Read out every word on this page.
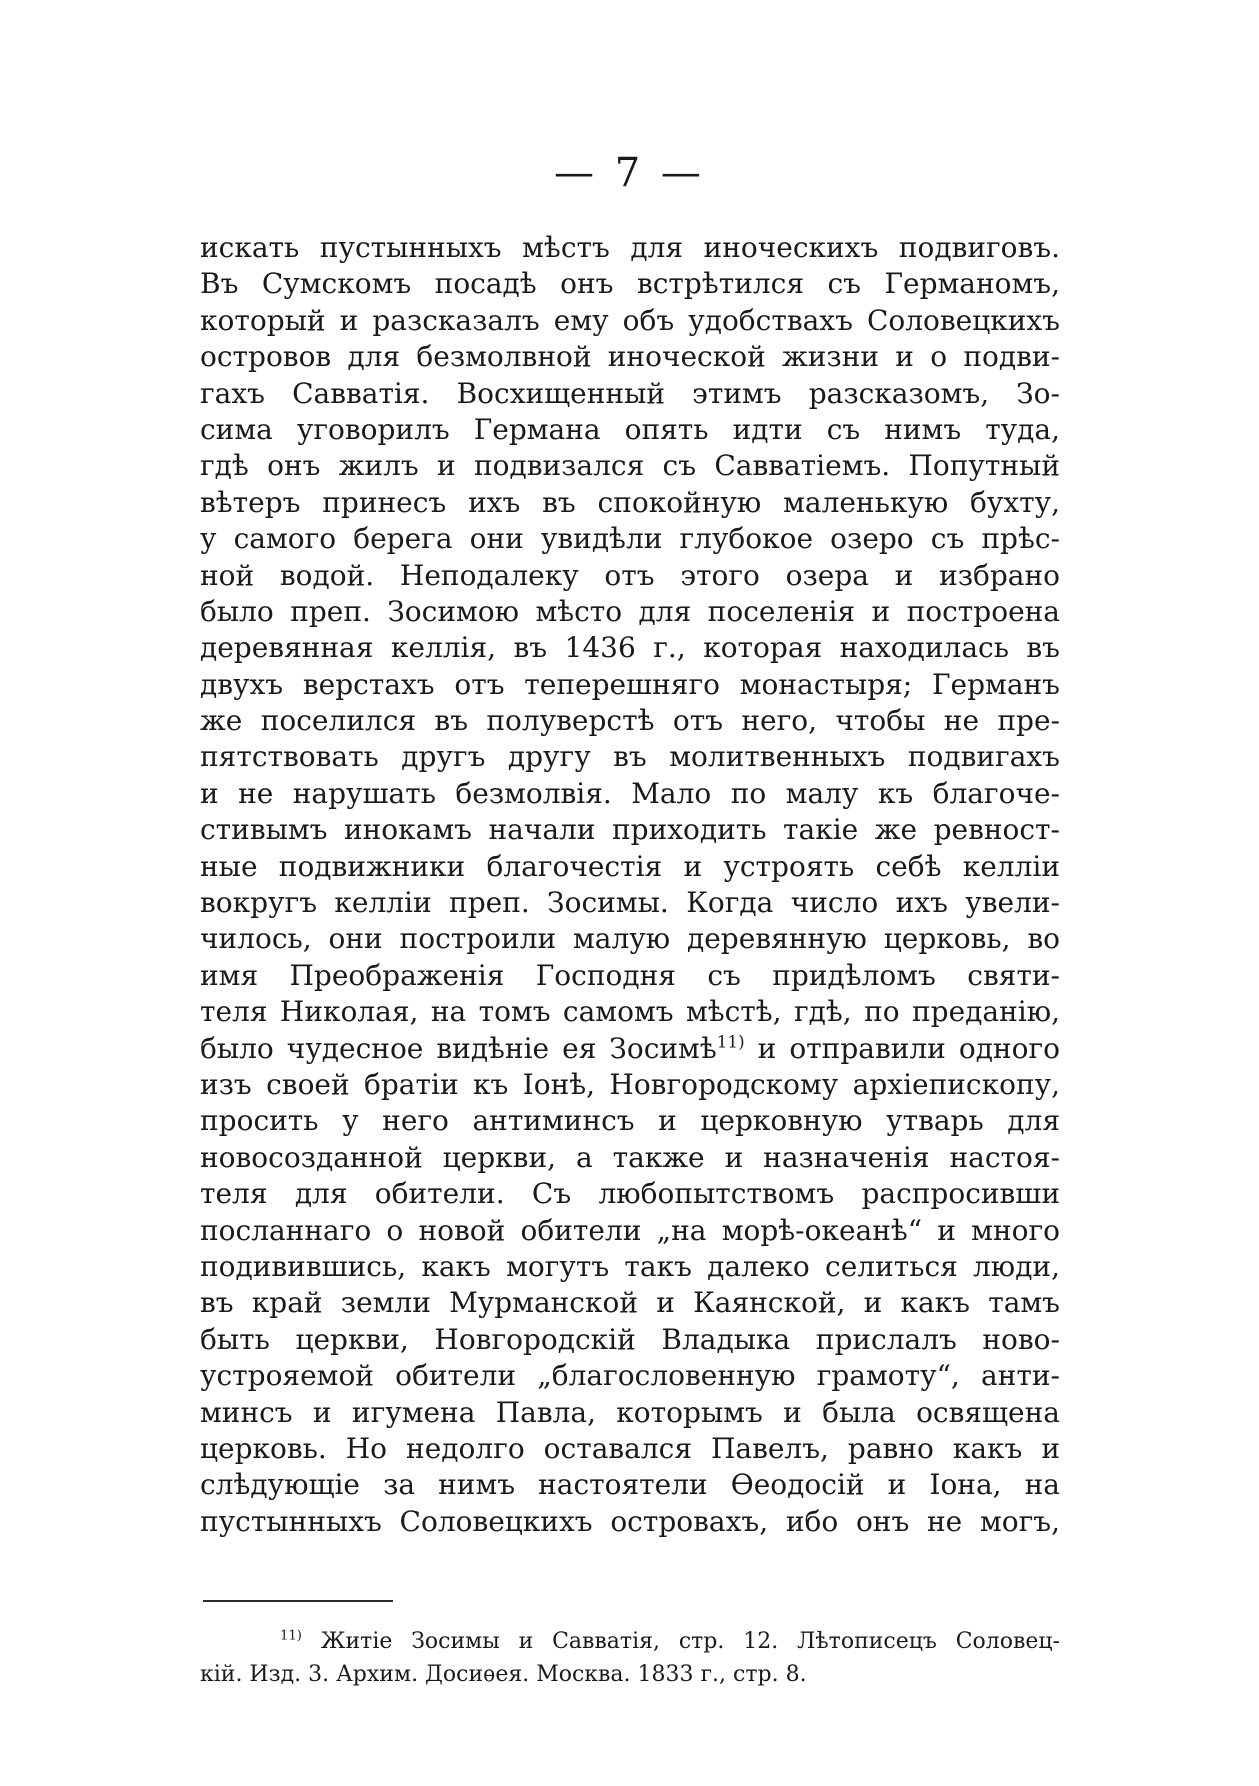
— 7 —
искать пустынныхъ мѣстъ для иноческихъ подвиговъ.
Въ Сумскомъ посадѣ онъ встрѣтился съ Германомъ,
который и разсказалъ ему объ удобствахъ Соловецкихъ
островов для безмолвной иноческой жизни и о подви-
гахъ Савватія. Восхищенный этимъ разсказомъ, Зо-
сима уговорилъ Германа опять идти съ нимъ туда,
гдѣ онъ жилъ и подвизался съ Савватіемъ. Попутный
вѣтеръ принесъ ихъ въ спокойную маленькую бухту,
у самого берега они увидѣли глубокое озеро съ прѣс-
ной водой. Неподалеку отъ этого озера и избрано
было преп. Зосимою мѣсто для поселенія и построена
деревянная келлія, въ 1436 г., которая находилась въ
двухъ верстахъ отъ теперешняго монастыря; Германъ
же поселился въ полуверстѣ отъ него, чтобы не пре-
пятствовать другъ другу въ молитвенныхъ подвигахъ
и не нарушать безмолвія. Мало по малу къ благоче-
стивымъ инокамъ начали приходить такіе же ревност-
ные подвижники благочестія и устроять себѣ келліи
вокругъ келліи преп. Зосимы. Когда число ихъ увели-
чилось, они построили малую деревянную церковь, во
имя Преображенія Господня съ придѣломъ святи-
теля Николая, на томъ самомъ мѣстѣ, гдѣ, по преданію,
было чудесное видѣніе ея Зосимѣ$^{11)}$ и отправили одного
изъ своей братіи къ Іонѣ, Новгородскому архіепископу,
просить у него антиминсъ и церковную утварь для
новосозданной церкви, а также и назначенія настоя-
теля для обители. Съ любопытствомъ распросивши
посланнаго о новой обители „на морѣ-океанѣ“ и много
подивившись, какъ могутъ такъ далеко селиться люди,
въ край земли Мурманской и Каянской, и какъ тамъ
быть церкви, Новгородскій Владыка прислалъ ново-
устрояемой обители „благословенную грамоту“, анти-
минсъ и игумена Павла, которымъ и была освящена
церковь. Но недолго оставался Павелъ, равно какъ и
слѣдующіе за нимъ настоятели Ѳеодосій и Іона, на
пустынныхъ Соловецкихъ островахъ, ибо онъ не могъ,
$^{11)}$ Житіе Зосимы и Савватія, стр. 12. Лѣтописецъ Соловец-
кій. Изд. 3. Архим. Досиѳея. Москва. 1833 г., стр. 8.
